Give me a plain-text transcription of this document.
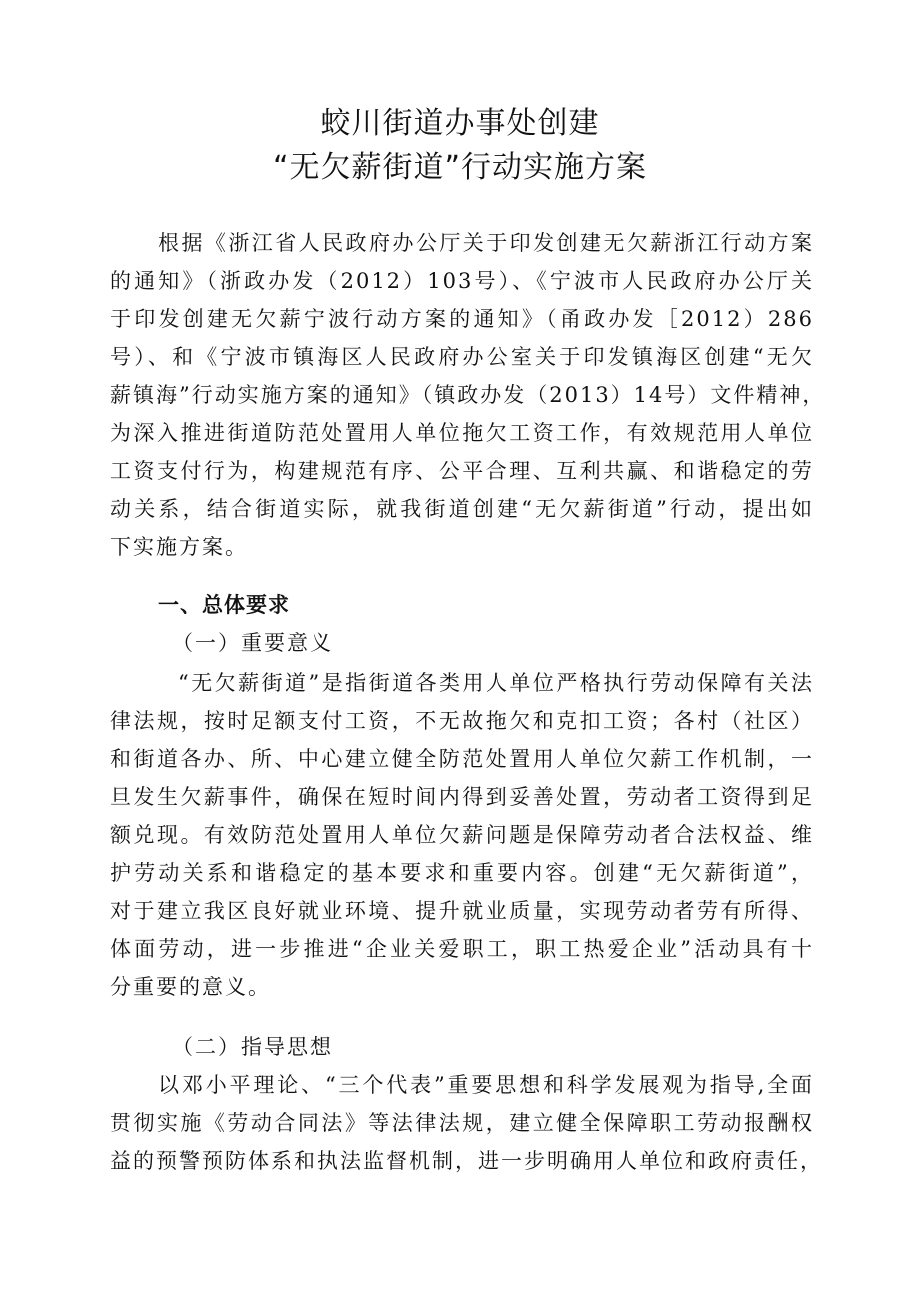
蛟川街道办事处创建
“无欠薪街道”行动实施方案
根据《浙江省人民政府办公厅关于印发创建无欠薪浙江行动方案
的通知》（浙政办发（2012）103号）、《宁波市人民政府办公厅关
于印发创建无欠薪宁波行动方案的通知》（甬政办发［2012）286
号）、和《宁波市镇海区人民政府办公室关于印发镇海区创建“无欠
薪镇海”行动实施方案的通知》（镇政办发（2013）14号）文件精神，
为深入推进街道防范处置用人单位拖欠工资工作，有效规范用人单位
工资支付行为，构建规范有序、公平合理、互利共赢、和谐稳定的劳
动关系，结合街道实际，就我街道创建“无欠薪街道”行动，提出如
下实施方案。
一、总体要求
（一）重要意义
“无欠薪街道”是指街道各类用人单位严格执行劳动保障有关法
律法规，按时足额支付工资，不无故拖欠和克扣工资；各村（社区）
和街道各办、所、中心建立健全防范处置用人单位欠薪工作机制，一
旦发生欠薪事件，确保在短时间内得到妥善处置，劳动者工资得到足
额兑现。有效防范处置用人单位欠薪问题是保障劳动者合法权益、维
护劳动关系和谐稳定的基本要求和重要内容。创建“无欠薪街道”，
对于建立我区良好就业环境、提升就业质量，实现劳动者劳有所得、
体面劳动，进一步推进“企业关爱职工，职工热爱企业”活动具有十
分重要的意义。
（二）指导思想
以邓小平理论、“三个代表”重要思想和科学发展观为指导,全面
贯彻实施《劳动合同法》等法律法规，建立健全保障职工劳动报酬权
益的预警预防体系和执法监督机制，进一步明确用人单位和政府责任，
